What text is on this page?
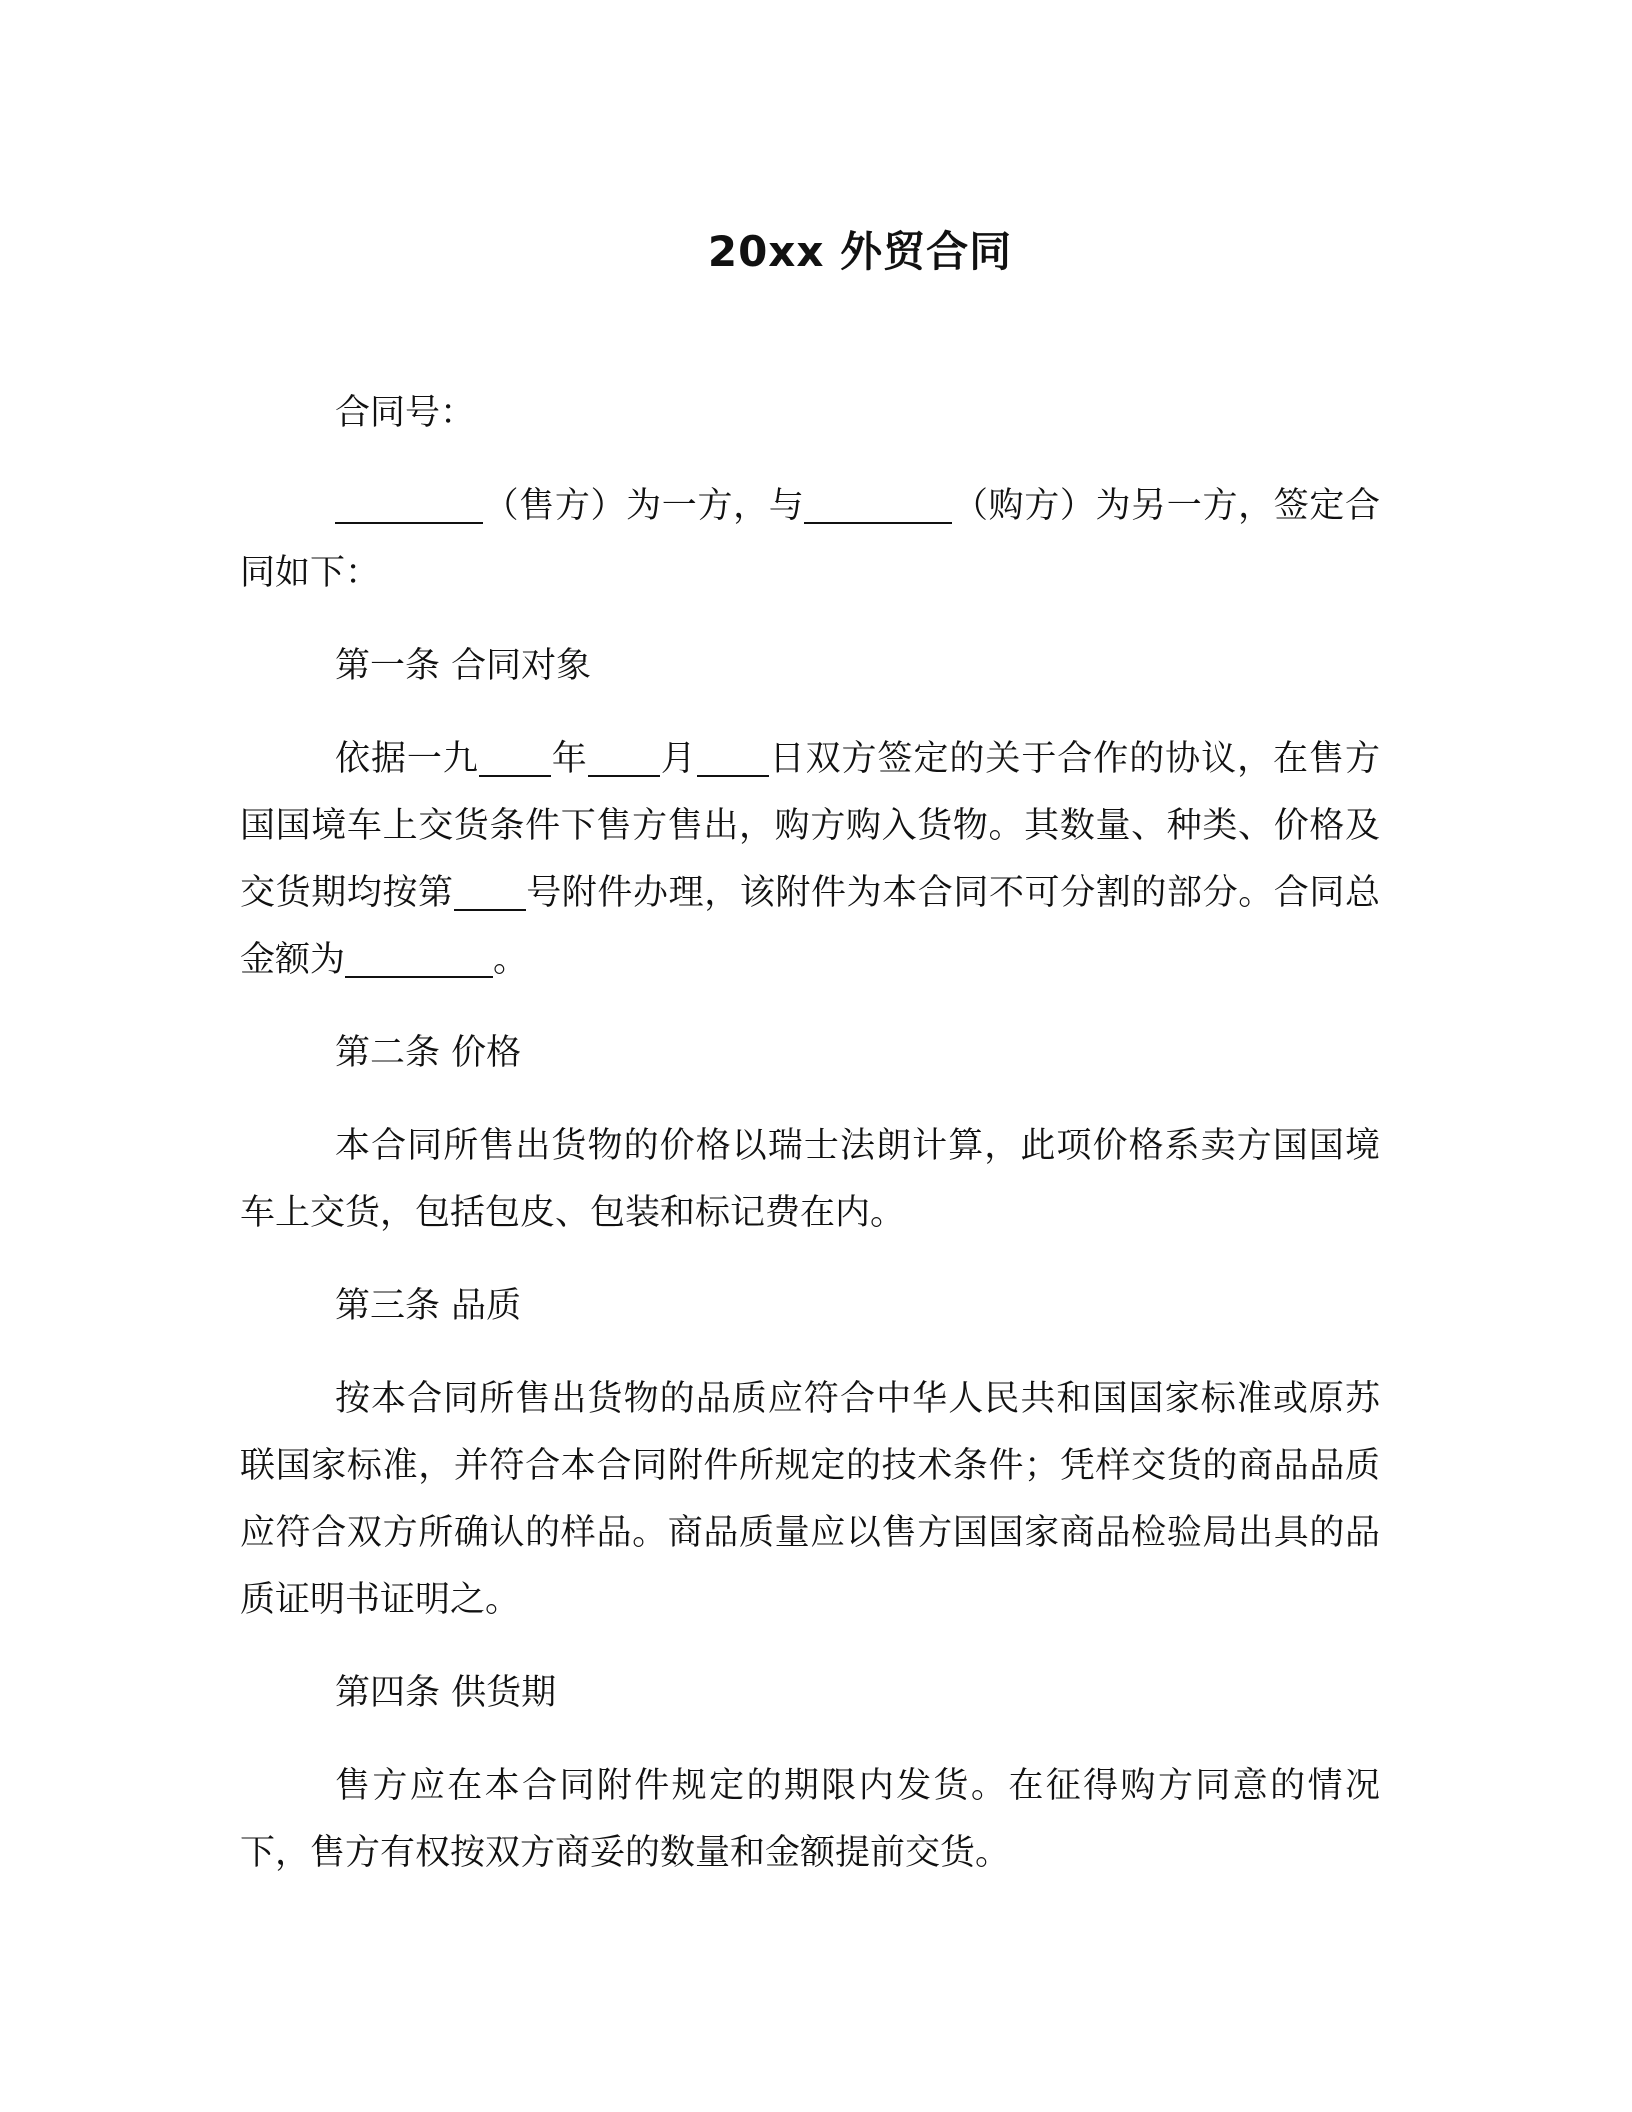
20xx 外贸合同

合同号：

（售方）为一方，与	（购方）为另一方，签定合同如下：

第一条 合同对象

依据一九 年 月 日双方签定的关于合作的协议，在售方国国境车上交货条件下售方售出，购方购入货物。其数量、种类、价格及交货期均按第 号附件办理，该附件为本合同不可分割的部分。合同总金额为	。

第二条 价格

本合同所售出货物的价格以瑞士法朗计算，此项价格系卖方国国境车上交货，包括包皮、包装和标记费在内。

第三条 品质

按本合同所售出货物的品质应符合中华人民共和国国家标准或原苏联国家标准，并符合本合同附件所规定的技术条件；凭样交货的商品品质应符合双方所确认的样品。商品质量应以售方国国家商品检验局出具的品质证明书证明之。

第四条 供货期

售方应在本合同附件规定的期限内发货。在征得购方同意的情况下，售方有权按双方商妥的数量和金额提前交货。
